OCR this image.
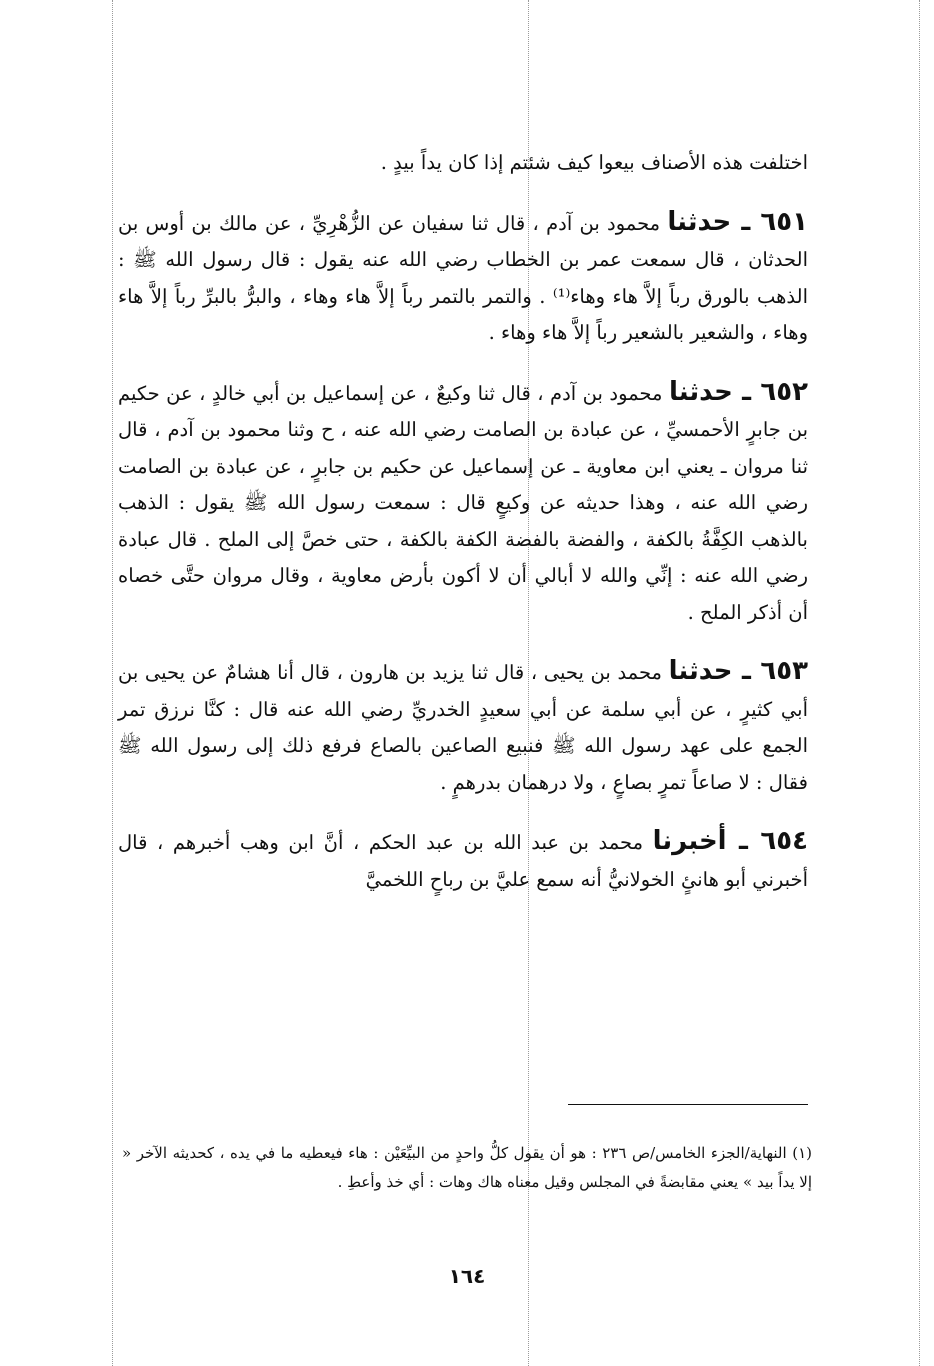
اختلفت هذه الأصناف بيعوا كيف شئتم إذا كان يداً بيدٍ .

٦٥١ ـ حدثنا محمود بن آدم ، قال ثنا سفيان عن الزُّهْرِيِّ ، عن مالك بن أوس بن الحدثان ، قال سمعت عمر بن الخطاب رضي الله عنه يقول : قال رسول الله ﷺ : الذهب بالورق رباً إلاَّ هاء وهاء⁽¹⁾ . والتمر بالتمر رباً إلاَّ هاء وهاء ، والبرُّ بالبرِّ رباً إلاَّ هاء وهاء ، والشعير بالشعير رباً إلاَّ هاء وهاء .

٦٥٢ ـ حدثنا محمود بن آدم ، قال ثنا وكيعٌ ، عن إسماعيل بن أبي خالدٍ ، عن حكيم بن جابرٍ الأحمسيِّ ، عن عبادة بن الصامت رضي الله عنه ، ح وثنا محمود بن آدم ، قال ثنا مروان ـ يعني ابن معاوية ـ عن إسماعيل عن حكيم بن جابرٍ ، عن عبادة بن الصامت رضي الله عنه ، وهذا حديثه عن وكيعٍ قال : سمعت رسول الله ﷺ يقول : الذهب بالذهب الكِفَّةُ بالكفة ، والفضة بالفضة الكفة بالكفة ، حتى خصَّ إلى الملح . قال عبادة رضي الله عنه : إنِّي والله لا أبالي أن لا أكون بأرض معاوية ، وقال مروان حتَّى خصاه أن أذكر الملح .

٦٥٣ ـ حدثنا محمد بن يحيى ، قال ثنا يزيد بن هارون ، قال أنا هشامٌ عن يحيى بن أبي كثيرٍ ، عن أبي سلمة عن أبي سعيدٍ الخدريِّ رضي الله عنه قال : كنَّا نرزق تمر الجمع على عهد رسول الله ﷺ فنبيع الصاعين بالصاع فرفع ذلك إلى رسول الله ﷺ فقال : لا صاعاً تمرٍ بصاعٍ ، ولا درهمان بدرهمٍ .

٦٥٤ ـ أخبرنا محمد بن عبد الله بن عبد الحكم ، أنَّ ابن وهب أخبرهم ، قال أخبرني أبو هانئٍ الخولانيُّ أنه سمع عليَّ بن رباحٍ اللخميَّ

(١) النهاية/الجزء الخامس/ص ٢٣٦ : هو أن يقول كلُّ واحدٍ من البيِّعَيْن : هاء فيعطيه ما في يده ، كحديثه الآخر « إلا يداً بيد » يعني مقابضةً في المجلس وقيل معناه هاك وهات : أي خذ وأعطِ .

١٦٤
